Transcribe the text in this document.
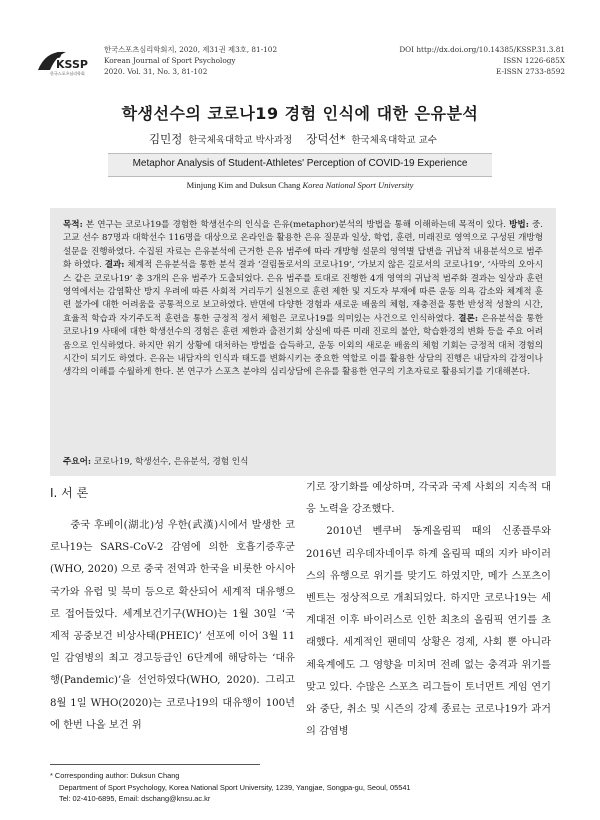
KSSP
한국스포츠심리학회
한국스포츠심리학회지, 2020, 제31권 제3호, 81-102
Korean Journal of Sport Psychology
2020. Vol. 31, No. 3, 81-102
DOI http://dx.doi.org/10.14385/KSSP.31.3.81
ISSN 1226-685X
E-ISSN 2733-8592
학생선수의 코로나19 경험 인식에 대한 은유분석
김민정 한국체육대학교 박사과정 장덕선* 한국체육대학교 교수
Metaphor Analysis of Student-Athletes' Perception of COVID-19 Experience
Minjung Kim and Duksun Chang Korea National Sport University
목적: 본 연구는 코로나19를 경험한 학생선수의 인식을 은유(metaphor)분석의 방법을 통해 이해하는데 목적이 있다. 방법: 중.고교 선수 87명과 대학선수 116명을 대상으로 온라인을 활용한 은유 질문과 일상, 학업, 훈련, 미래진로 영역으로 구성된 개방형 설문을 진행하였다. 수집된 자료는 은유분석에 근거한 은유 범주에 따라 개방형 설문의 영역별 답변을 귀납적 내용분석으로 범주화 하였다. 결과: 체계적 은유분석을 통한 분석 결과 ‘걸림돌로서의 코로나19’, ‘가보지 않은 길로서의 코로나19’, ‘사막의 오아시스 같은 코로나19’ 총 3개의 은유 범주가 도출되었다. 은유 범주를 토대로 진행한 4개 영역의 귀납적 범주화 결과는 일상과 훈련영역에서는 감염확산 방지 우려에 따른 사회적 거리두기 실천으로 훈련 제한 및 지도자 부재에 따른 운동 의욕 감소와 체계적 훈련 불가에 대한 어려움을 공통적으로 보고하였다. 반면에 다양한 경험과 새로운 배움의 체험, 재충전을 통한 반성적 성찰의 시간, 효율적 학습과 자기주도적 훈련을 통한 긍정적 정서 체험은 코로나19를 의미있는 사건으로 인식하였다. 결론: 은유분석을 통한 코로나19 사태에 대한 학생선수의 경험은 훈련 제한과 출전기회 상실에 따른 미래 진로의 불안, 학습환경의 변화 등을 주요 어려움으로 인식하였다. 하지만 위기 상황에 대처하는 방법을 습득하고, 운동 이외의 새로운 배움의 체험 기회는 긍정적 대처 경험의 시간이 되기도 하였다. 은유는 내담자의 인식과 태도를 변화시키는 중요한 역할로 이를 활용한 상담의 진행은 내담자의 감정이나 생각의 이해를 수월하게 한다. 본 연구가 스포츠 분야의 심리상담에 은유를 활용한 연구의 기초자료로 활용되기를 기대해본다.
주요어: 코로나19, 학생선수, 은유분석, 경험 인식
I. 서 론

중국 후베이(湖北)성 우한(武漢)시에서 발생한 코로나19는 SARS-CoV-2 감염에 의한 호흡기증후군(WHO, 2020) 으로 중국 전역과 한국을 비롯한 아시아 국가와 유럽 및 북미 등으로 확산되어 세계적 대유행으로 접어들었다. 세계보건기구(WHO)는 1월 30일 ‘국제적 공중보건 비상사태(PHEIC)’ 선포에 이어 3월 11일 감염병의 최고 경고등급인 6단계에 해당하는 ‘대유행(Pandemic)’을 선언하였다(WHO, 2020). 그리고 8월 1일 WHO(2020)는 코로나19의 대유행이 100년에 한번 나올 보건 위

기로 장기화를 예상하며, 각국과 국제 사회의 지속적 대응 노력을 강조했다.

2010년 벤쿠버 동계올림픽 때의 신종플루와 2016년 리우데자네이루 하계 올림픽 때의 지카 바이러스의 유행으로 위기를 맞기도 하였지만, 메가 스포츠이벤트는 정상적으로 개최되었다. 하지만 코로나19는 세계대전 이후 바이러스로 인한 최초의 올림픽 연기를 초래했다. 세계적인 팬데믹 상황은 경제, 사회 뿐 아니라 체육계에도 그 영향을 미치며 전례 없는 충격과 위기를 맞고 있다. 수많은 스포츠 리그들이 토너먼트 게임 연기와 중단, 취소 및 시즌의 강제 종료는 코로나19가 과거의 감염병

* Corresponding author: Duksun Chang
Department of Sport Psychology, Korea National Sport University, 1239, Yangjae, Songpa-gu, Seoul, 05541
Tel: 02-410-6895, Email: dschang@knsu.ac.kr
